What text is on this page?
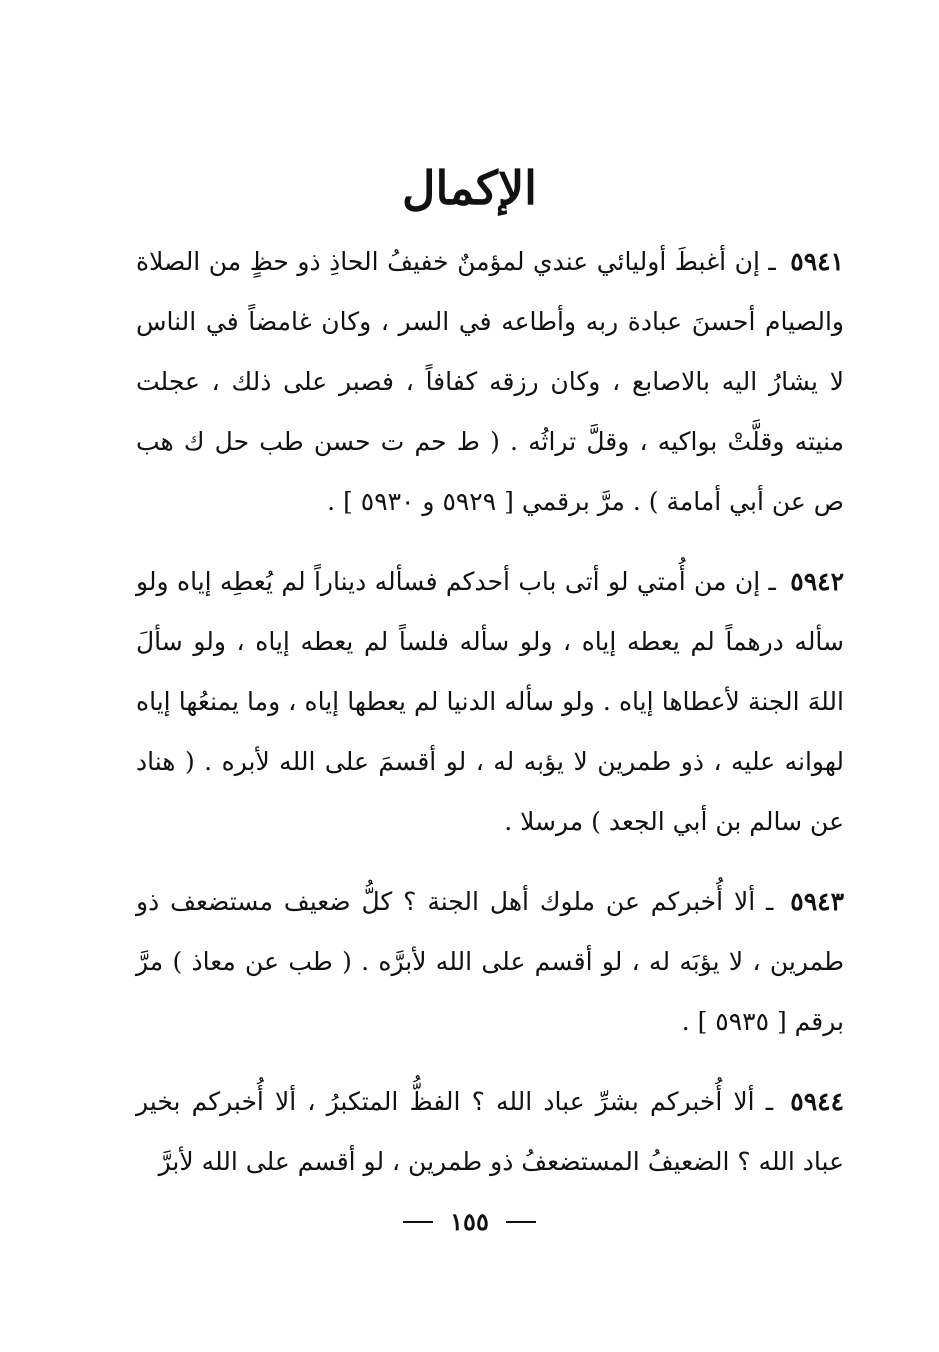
الإكمال

٥٩٤١ ـ إن أغبطَ أوليائي عندي لمؤمنٌ خفيفُ الحاذِ ذو حظٍ من الصلاة والصيام أحسنَ عبادة ربه وأطاعه في السر ، وكان غامضاً في الناس لا يشارُ اليه بالاصابع ، وكان رزقه كفافاً ، فصبر على ذلك ، عجلت منيته وقلَّتْ بواكيه ، وقلَّ تراثُه . ( ط حم ت حسن طب حل ك هب ص عن أبي أمامة ) . مرَّ برقمي [ ٥٩٢٩ و ٥٩٣٠ ] .

٥٩٤٢ ـ إن من أُمتي لو أتى باب أحدكم فسأله ديناراً لم يُعطِه إياه ولو سأله درهماً لم يعطه إياه ، ولو سأله فلساً لم يعطه إياه ، ولو سألَ اللهَ الجنة لأعطاها إياه . ولو سأله الدنيا لم يعطها إياه ، وما يمنعُها إياه لهوانه عليه ، ذو طمرين لا يؤبه له ، لو أقسمَ على الله لأبره . ( هناد عن سالم بن أبي الجعد ) مرسلا .

٥٩٤٣ ـ ألا أُخبركم عن ملوك أهل الجنة ؟ كلُّ ضعيف مستضعف ذو طمرين ، لا يؤبَه له ، لو أقسم على الله لأبرَّه . ( طب عن معاذ ) مرَّ برقم [ ٥٩٣٥ ] .

٥٩٤٤ ـ ألا أُخبركم بشرِّ عباد الله ؟ الفظُّ المتكبرُ ، ألا أُخبركم بخير عباد الله ؟ الضعيفُ المستضعفُ ذو طمرين ، لو أقسم على الله لأبرَّ

١٥٥
